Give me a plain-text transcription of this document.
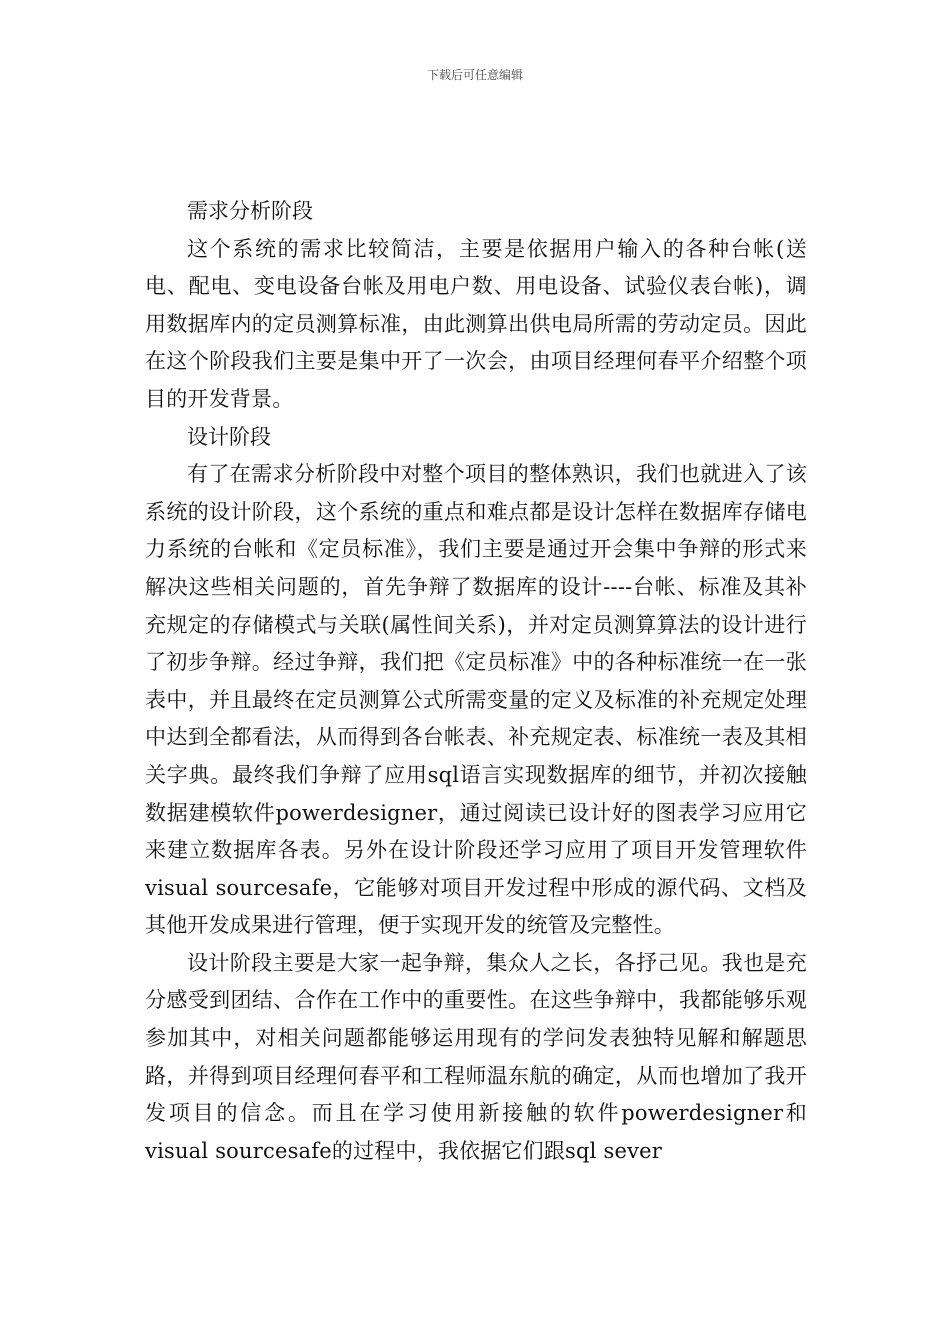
下载后可任意编辑

需求分析阶段

这个系统的需求比较简洁，主要是依据用户输入的各种台帐(送电、配电、变电设备台帐及用电户数、用电设备、试验仪表台帐)，调用数据库内的定员测算标准，由此测算出供电局所需的劳动定员。因此在这个阶段我们主要是集中开了一次会，由项目经理何春平介绍整个项目的开发背景。

设计阶段

有了在需求分析阶段中对整个项目的整体熟识，我们也就进入了该系统的设计阶段，这个系统的重点和难点都是设计怎样在数据库存储电力系统的台帐和《定员标准》，我们主要是通过开会集中争辩的形式来解决这些相关问题的，首先争辩了数据库的设计----台帐、标准及其补充规定的存储模式与关联(属性间关系)，并对定员测算算法的设计进行了初步争辩。经过争辩，我们把《定员标准》中的各种标准统一在一张表中，并且最终在定员测算公式所需变量的定义及标准的补充规定处理中达到全都看法，从而得到各台帐表、补充规定表、标准统一表及其相关字典。最终我们争辩了应用sql语言实现数据库的细节，并初次接触数据建模软件powerdesigner，通过阅读已设计好的图表学习应用它来建立数据库各表。另外在设计阶段还学习应用了项目开发管理软件visual sourcesafe，它能够对项目开发过程中形成的源代码、文档及其他开发成果进行管理，便于实现开发的统管及完整性。

设计阶段主要是大家一起争辩，集众人之长，各抒己见。我也是充分感受到团结、合作在工作中的重要性。在这些争辩中，我都能够乐观参加其中，对相关问题都能够运用现有的学问发表独特见解和解题思路，并得到项目经理何春平和工程师温东航的确定，从而也增加了我开发项目的信念。而且在学习使用新接触的软件powerdesigner和visual sourcesafe的过程中，我依据它们跟sql sever
